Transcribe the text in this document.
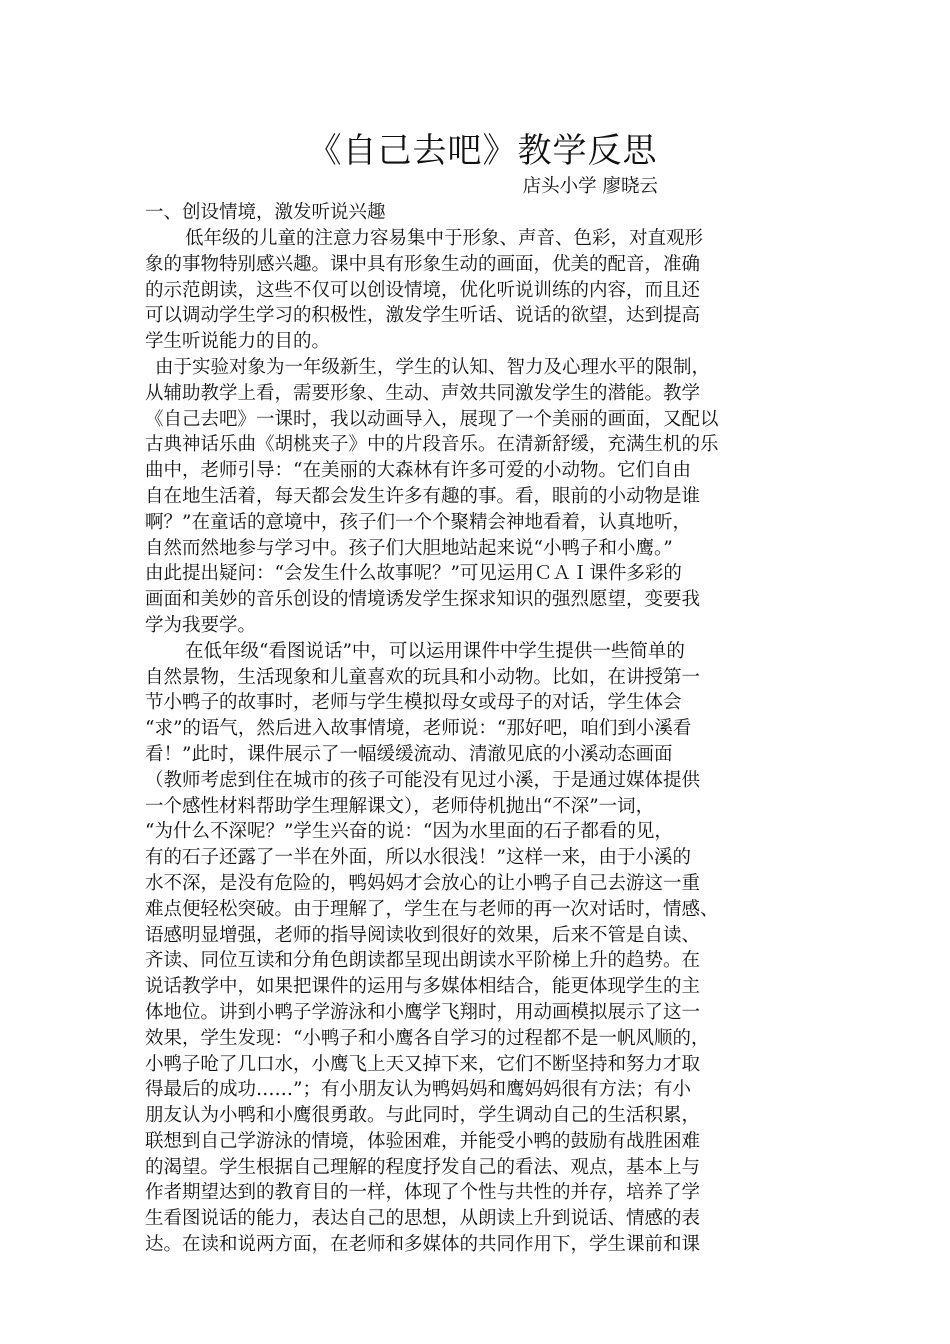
《自己去吧》教学反思
店头小学 廖晓云
一、创设情境，激发听说兴趣
低年级的儿童的注意力容易集中于形象、声音、色彩，对直观形
象的事物特别感兴趣。课中具有形象生动的画面，优美的配音，准确
的示范朗读，这些不仅可以创设情境，优化听说训练的内容，而且还
可以调动学生学习的积极性，激发学生听话、说话的欲望，达到提高
学生听说能力的目的。
由于实验对象为一年级新生，学生的认知、智力及心理水平的限制，
从辅助教学上看，需要形象、生动、声效共同激发学生的潜能。教学
《自己去吧》一课时，我以动画导入，展现了一个美丽的画面，又配以
古典神话乐曲《胡桃夹子》中的片段音乐。在清新舒缓，充满生机的乐
曲中，老师引导：“在美丽的大森林有许多可爱的小动物。它们自由
自在地生活着，每天都会发生许多有趣的事。看，眼前的小动物是谁
啊？”在童话的意境中，孩子们一个个聚精会神地看着，认真地听，
自然而然地参与学习中。孩子们大胆地站起来说“小鸭子和小鹰。”
由此提出疑问：“会发生什么故事呢？”可见运用ＣＡＩ课件多彩的
画面和美妙的音乐创设的情境诱发学生探求知识的强烈愿望，变要我
学为我要学。
在低年级“看图说话”中，可以运用课件中学生提供一些简单的
自然景物，生活现象和儿童喜欢的玩具和小动物。比如，在讲授第一
节小鸭子的故事时，老师与学生模拟母女或母子的对话，学生体会
“求”的语气，然后进入故事情境，老师说：“那好吧，咱们到小溪看
看！”此时，课件展示了一幅缓缓流动、清澈见底的小溪动态画面
（教师考虑到住在城市的孩子可能没有见过小溪，于是通过媒体提供
一个感性材料帮助学生理解课文），老师侍机抛出“不深”一词，
“为什么不深呢？”学生兴奋的说：“因为水里面的石子都看的见，
有的石子还露了一半在外面，所以水很浅！”这样一来，由于小溪的
水不深，是没有危险的，鸭妈妈才会放心的让小鸭子自己去游这一重
难点便轻松突破。由于理解了，学生在与老师的再一次对话时，情感、
语感明显增强，老师的指导阅读收到很好的效果，后来不管是自读、
齐读、同位互读和分角色朗读都呈现出朗读水平阶梯上升的趋势。在
说话教学中，如果把课件的运用与多媒体相结合，能更体现学生的主
体地位。讲到小鸭子学游泳和小鹰学飞翔时，用动画模拟展示了这一
效果，学生发现：“小鸭子和小鹰各自学习的过程都不是一帆风顺的，
小鸭子呛了几口水，小鹰飞上天又掉下来，它们不断坚持和努力才取
得最后的成功……”；有小朋友认为鸭妈妈和鹰妈妈很有方法；有小
朋友认为小鸭和小鹰很勇敢。与此同时，学生调动自己的生活积累，
联想到自己学游泳的情境，体验困难，并能受小鸭的鼓励有战胜困难
的渴望。学生根据自己理解的程度抒发自己的看法、观点，基本上与
作者期望达到的教育目的一样，体现了个性与共性的并存，培养了学
生看图说话的能力，表达自己的思想，从朗读上升到说话、情感的表
达。在读和说两方面，在老师和多媒体的共同作用下，学生课前和课
